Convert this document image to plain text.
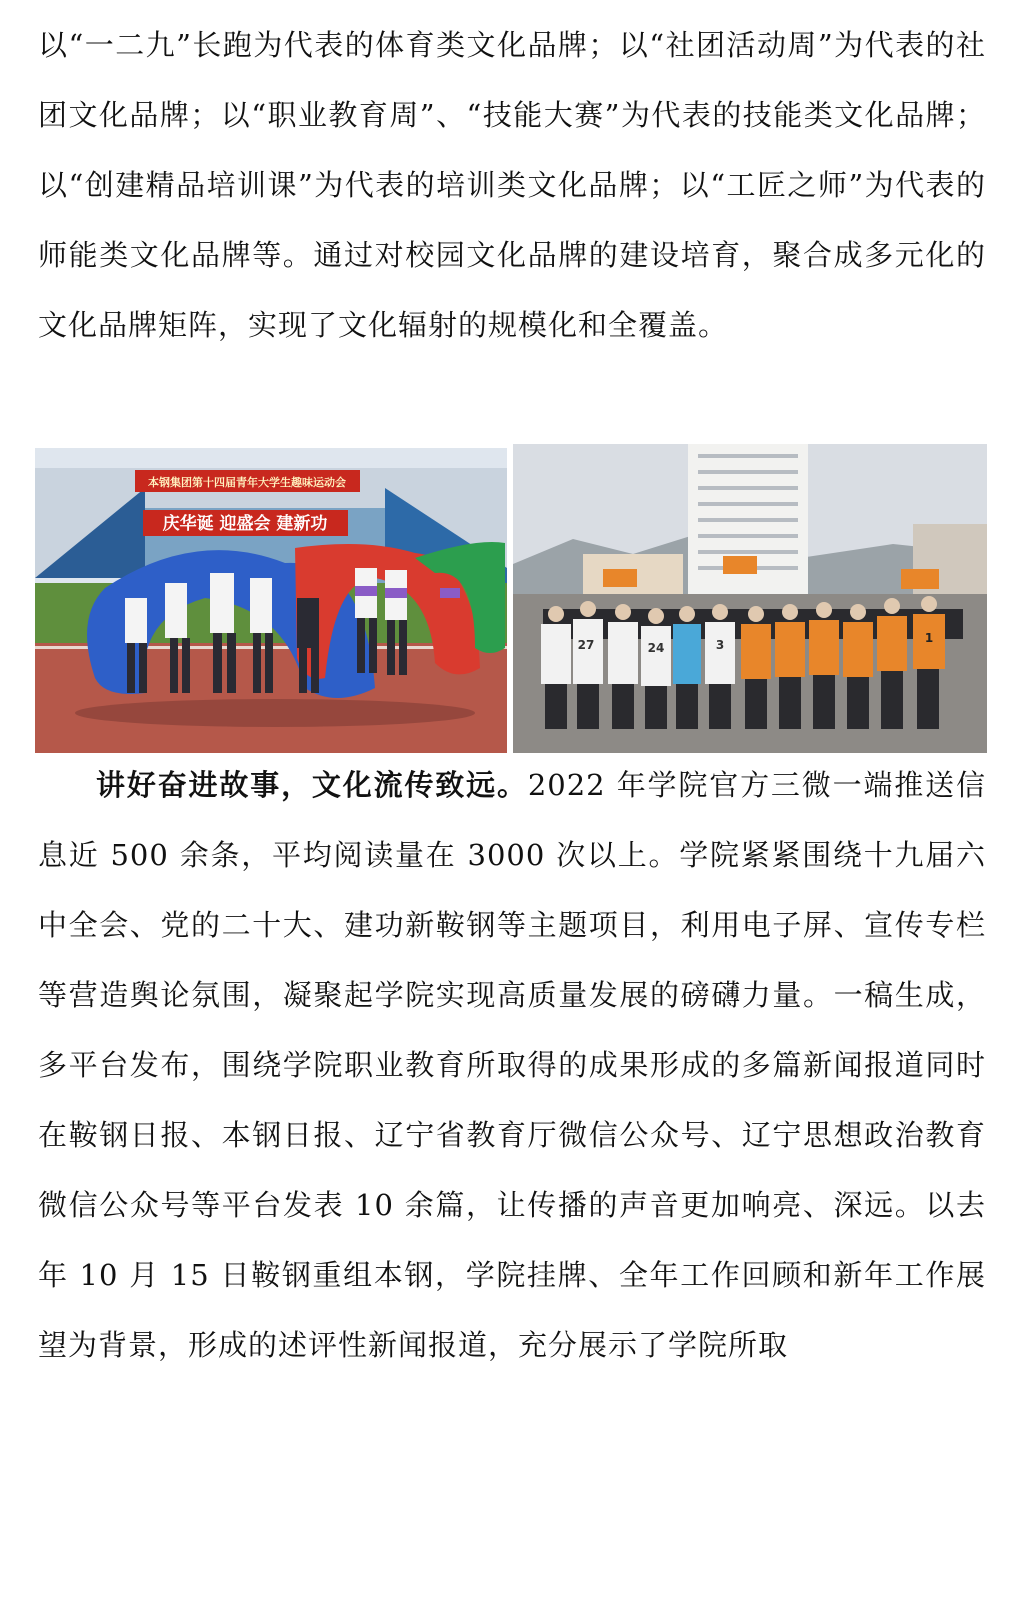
以“一二九”长跑为代表的体育类文化品牌；以“社团活动周”为代表的社团文化品牌；以“职业教育周”、“技能大赛”为代表的技能类文化品牌；以“创建精品培训课”为代表的培训类文化品牌；以“工匠之师”为代表的师能类文化品牌等。通过对校园文化品牌的建设培育，聚合成多元化的文化品牌矩阵，实现了文化辐射的规模化和全覆盖。

本钢集团第十四届青年大学生趣味运动会
庆华诞 迎盛会 建新功
27	24	3	1

讲好奋进故事，文化流传致远。2022 年学院官方三微一端推送信息近 500 余条，平均阅读量在 3000 次以上。学院紧紧围绕十九届六中全会、党的二十大、建功新鞍钢等主题项目，利用电子屏、宣传专栏等营造舆论氛围，凝聚起学院实现高质量发展的磅礴力量。一稿生成，多平台发布，围绕学院职业教育所取得的成果形成的多篇新闻报道同时在鞍钢日报、本钢日报、辽宁省教育厅微信公众号、辽宁思想政治教育微信公众号等平台发表 10 余篇，让传播的声音更加响亮、深远。以去年 10 月 15 日鞍钢重组本钢，学院挂牌、全年工作回顾和新年工作展望为背景，形成的述评性新闻报道，充分展示了学院所取
